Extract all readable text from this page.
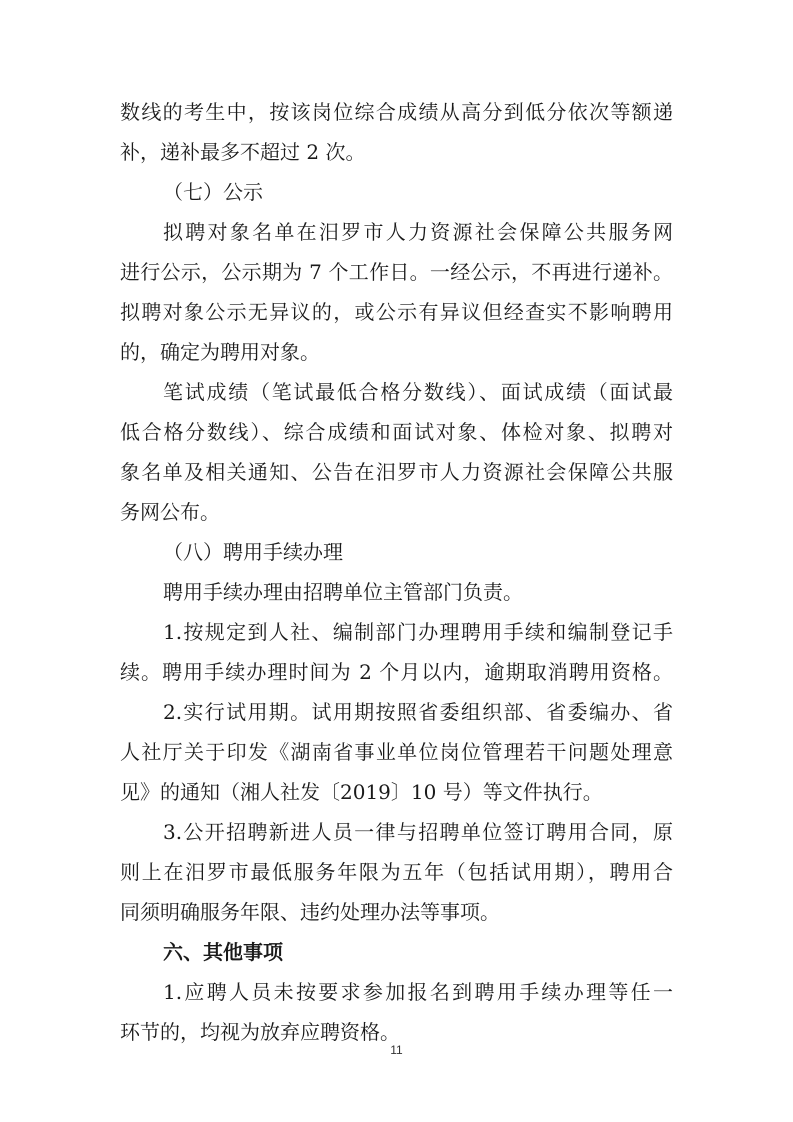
数线的考生中，按该岗位综合成绩从高分到低分依次等额递
补，递补最多不超过 2 次。
（七）公示
拟聘对象名单在汨罗市人力资源社会保障公共服务网
进行公示，公示期为 7 个工作日。一经公示，不再进行递补。
拟聘对象公示无异议的，或公示有异议但经查实不影响聘用
的，确定为聘用对象。
笔试成绩（笔试最低合格分数线）、面试成绩（面试最
低合格分数线）、综合成绩和面试对象、体检对象、拟聘对
象名单及相关通知、公告在汨罗市人力资源社会保障公共服
务网公布。
（八）聘用手续办理
聘用手续办理由招聘单位主管部门负责。
1.按规定到人社、编制部门办理聘用手续和编制登记手
续。聘用手续办理时间为 2 个月以内，逾期取消聘用资格。
2.实行试用期。试用期按照省委组织部、省委编办、省
人社厅关于印发《湖南省事业单位岗位管理若干问题处理意
见》的通知（湘人社发〔2019〕10 号）等文件执行。
3.公开招聘新进人员一律与招聘单位签订聘用合同，原
则上在汨罗市最低服务年限为五年（包括试用期），聘用合
同须明确服务年限、违约处理办法等事项。
六、其他事项
1.应聘人员未按要求参加报名到聘用手续办理等任一
环节的，均视为放弃应聘资格。
11
